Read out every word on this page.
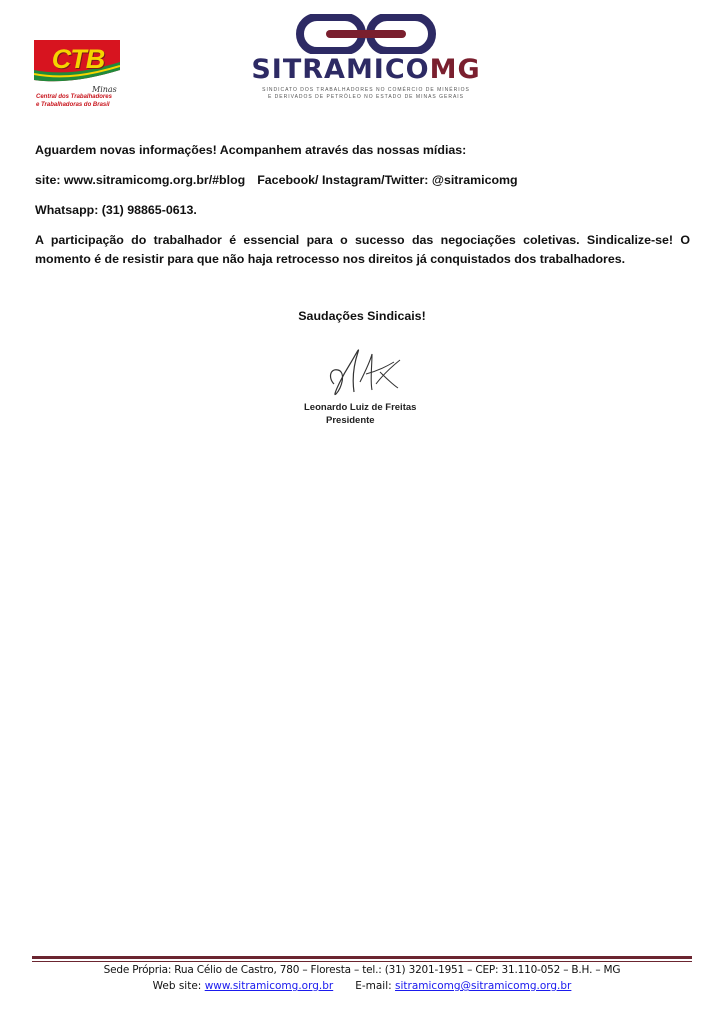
CTB
Minas
Central dos Trabalhadores
e Trabalhadoras do Brasil
SITRAMICOMG
SINDICATO DOS TRABALHADORES NO COMÉRCIO DE MINÉRIOS
E DERIVADOS DE PETRÓLEO NO ESTADO DE MINAS GERAIS

Aguardem novas informações! Acompanhem através das nossas mídias:

site: www.sitramicomg.org.br/#blog Facebook/ Instagram/Twitter: @sitramicomg

Whatsapp: (31) 98865-0613.

A participação do trabalhador é essencial para o sucesso das negociações coletivas. Sindicalize-se! O momento é de resistir para que não haja retrocesso nos direitos já conquistados dos trabalhadores.

Saudações Sindicais!
Leonardo Luiz de Freitas
Presidente
Sede Própria: Rua Célio de Castro, 780 – Floresta – tel.: (31) 3201-1951 – CEP: 31.110-052 – B.H. – MG
Web site: www.sitramicomg.org.br E-mail: sitramicomg@sitramicomg.org.br
